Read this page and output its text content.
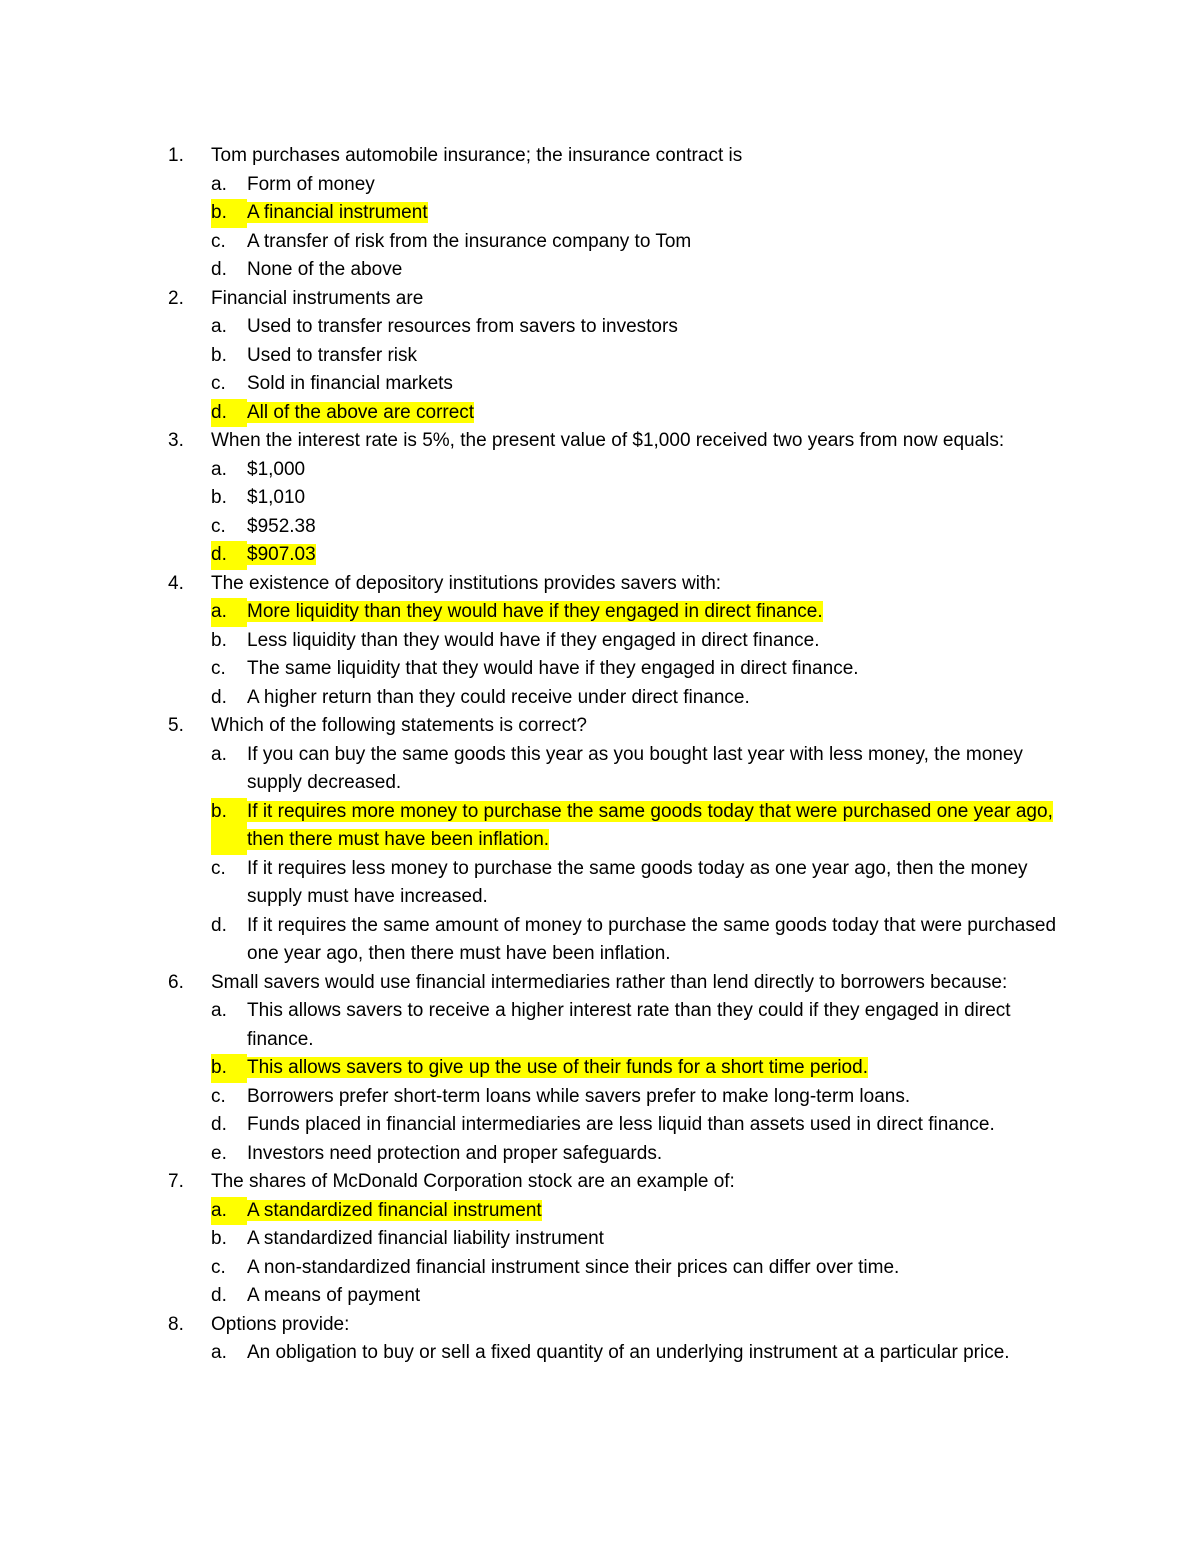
1.	Tom purchases automobile insurance; the insurance contract is
a.	Form of money
b.	A financial instrument
c.	A transfer of risk from the insurance company to Tom
d.	None of the above
2.	Financial instruments are
a.	Used to transfer resources from savers to investors
b.	Used to transfer risk
c.	Sold in financial markets
d.	All of the above are correct
3.	When the interest rate is 5%, the present value of $1,000 received two years from now equals:
a.	$1,000
b.	$1,010
c.	$952.38
d.	$907.03
4.	The existence of depository institutions provides savers with:
a.	More liquidity than they would have if they engaged in direct finance.
b.	Less liquidity than they would have if they engaged in direct finance.
c.	The same liquidity that they would have if they engaged in direct finance.
d.	A higher return than they could receive under direct finance.
5.	Which of the following statements is correct?
a.	If you can buy the same goods this year as you bought last year with less money, the money supply decreased.
b.	If it requires more money to purchase the same goods today that were purchased one year ago, then there must have been inflation.
c.	If it requires less money to purchase the same goods today as one year ago, then the money supply must have increased.
d.	If it requires the same amount of money to purchase the same goods today that were purchased one year ago, then there must have been inflation.
6.	Small savers would use financial intermediaries rather than lend directly to borrowers because:
a.	This allows savers to receive a higher interest rate than they could if they engaged in direct finance.
b.	This allows savers to give up the use of their funds for a short time period.
c.	Borrowers prefer short-term loans while savers prefer to make long-term loans.
d.	Funds placed in financial intermediaries are less liquid than assets used in direct finance.
e.	Investors need protection and proper safeguards.
7.	The shares of McDonald Corporation stock are an example of:
a.	A standardized financial instrument
b.	A standardized financial liability instrument
c.	A non-standardized financial instrument since their prices can differ over time.
d.	A means of payment
8.	Options provide:
a.	An obligation to buy or sell a fixed quantity of an underlying instrument at a particular price.
